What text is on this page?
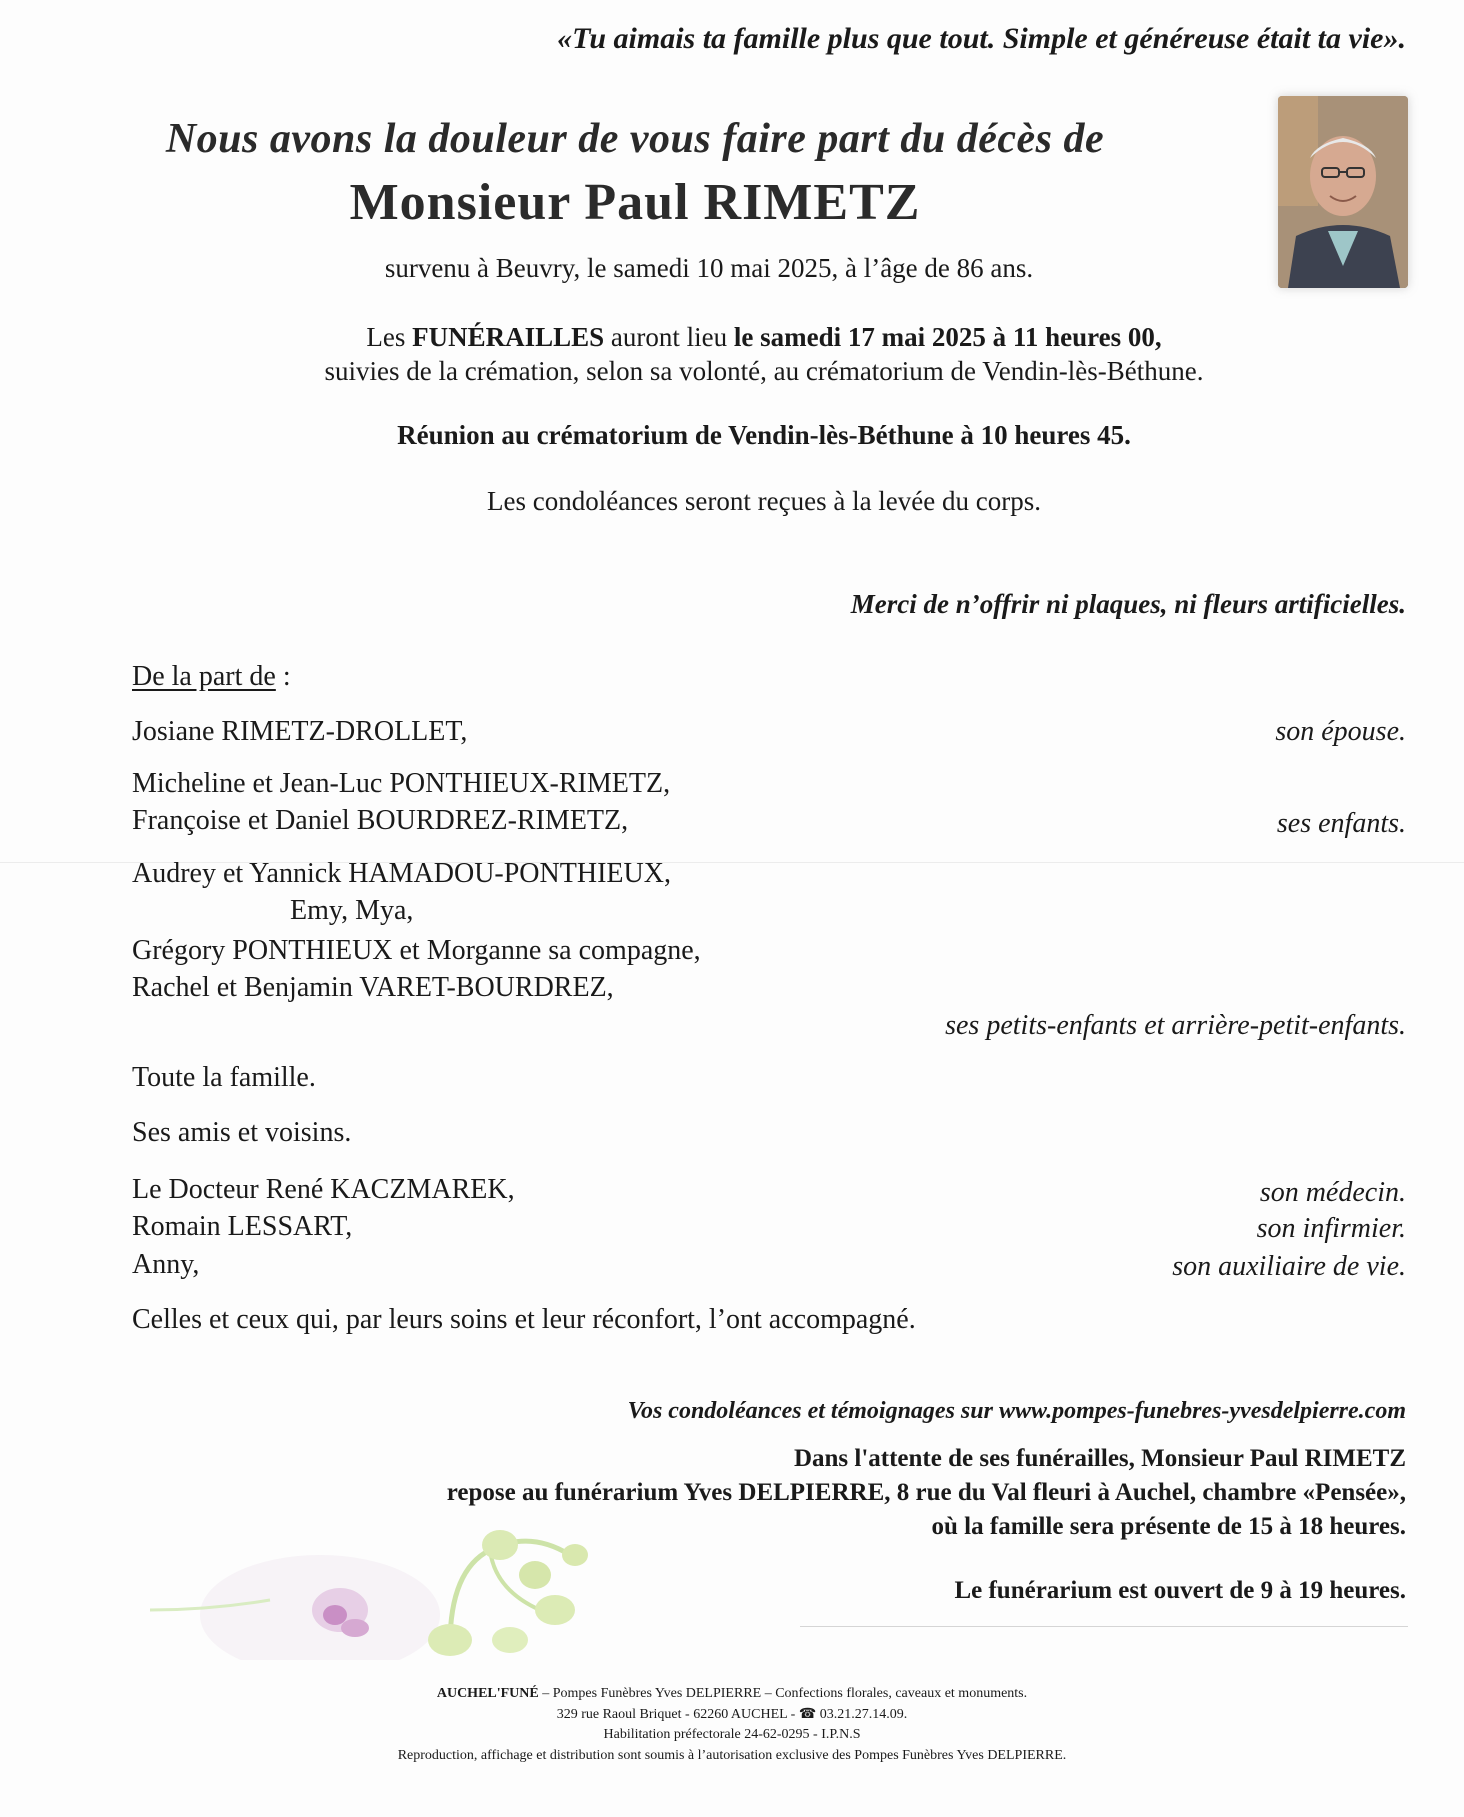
«Tu aimais ta famille plus que tout. Simple et généreuse était ta vie».

Nous avons la douleur de vous faire part du décès de

Monsieur Paul RIMETZ

survenu à Beuvry, le samedi 10 mai 2025, à l’âge de 86 ans.

Les FUNÉRAILLES auront lieu le samedi 17 mai 2025 à 11 heures 00,

suivies de la crémation, selon sa volonté, au crématorium de Vendin-lès-Béthune.

Réunion au crématorium de Vendin-lès-Béthune à 10 heures 45.

Les condoléances seront reçues à la levée du corps.

Merci de n’offrir ni plaques, ni fleurs artificielles.

De la part de :

Josiane RIMETZ-DROLLET,	son épouse.

Micheline et Jean-Luc PONTHIEUX-RIMETZ,

Françoise et Daniel BOURDREZ-RIMETZ,	ses enfants.

Audrey et Yannick HAMADOU-PONTHIEUX,

Emy, Mya,

Grégory PONTHIEUX et Morganne sa compagne,

Rachel et Benjamin VARET-BOURDREZ,

ses petits-enfants et arrière-petit-enfants.

Toute la famille.

Ses amis et voisins.

Le Docteur René KACZMAREK,	son médecin.

Romain LESSART,	son infirmier.

Anny,	son auxiliaire de vie.

Celles et ceux qui, par leurs soins et leur réconfort, l’ont accompagné.

Vos condoléances et témoignages sur www.pompes-funebres-yvesdelpierre.com

Dans l'attente de ses funérailles, Monsieur Paul RIMETZ

repose au funérarium Yves DELPIERRE, 8 rue du Val fleuri à Auchel, chambre «Pensée»,

où la famille sera présente de 15 à 18 heures.

Le funérarium est ouvert de 9 à 19 heures.

AUCHEL'FUNÉ – Pompes Funèbres Yves DELPIERRE – Confections florales, caveaux et monuments.

329 rue Raoul Briquet - 62260 AUCHEL - ☎ 03.21.27.14.09.

Habilitation préfectorale 24-62-0295 - I.P.N.S

Reproduction, affichage et distribution sont soumis à l’autorisation exclusive des Pompes Funèbres Yves DELPIERRE.
